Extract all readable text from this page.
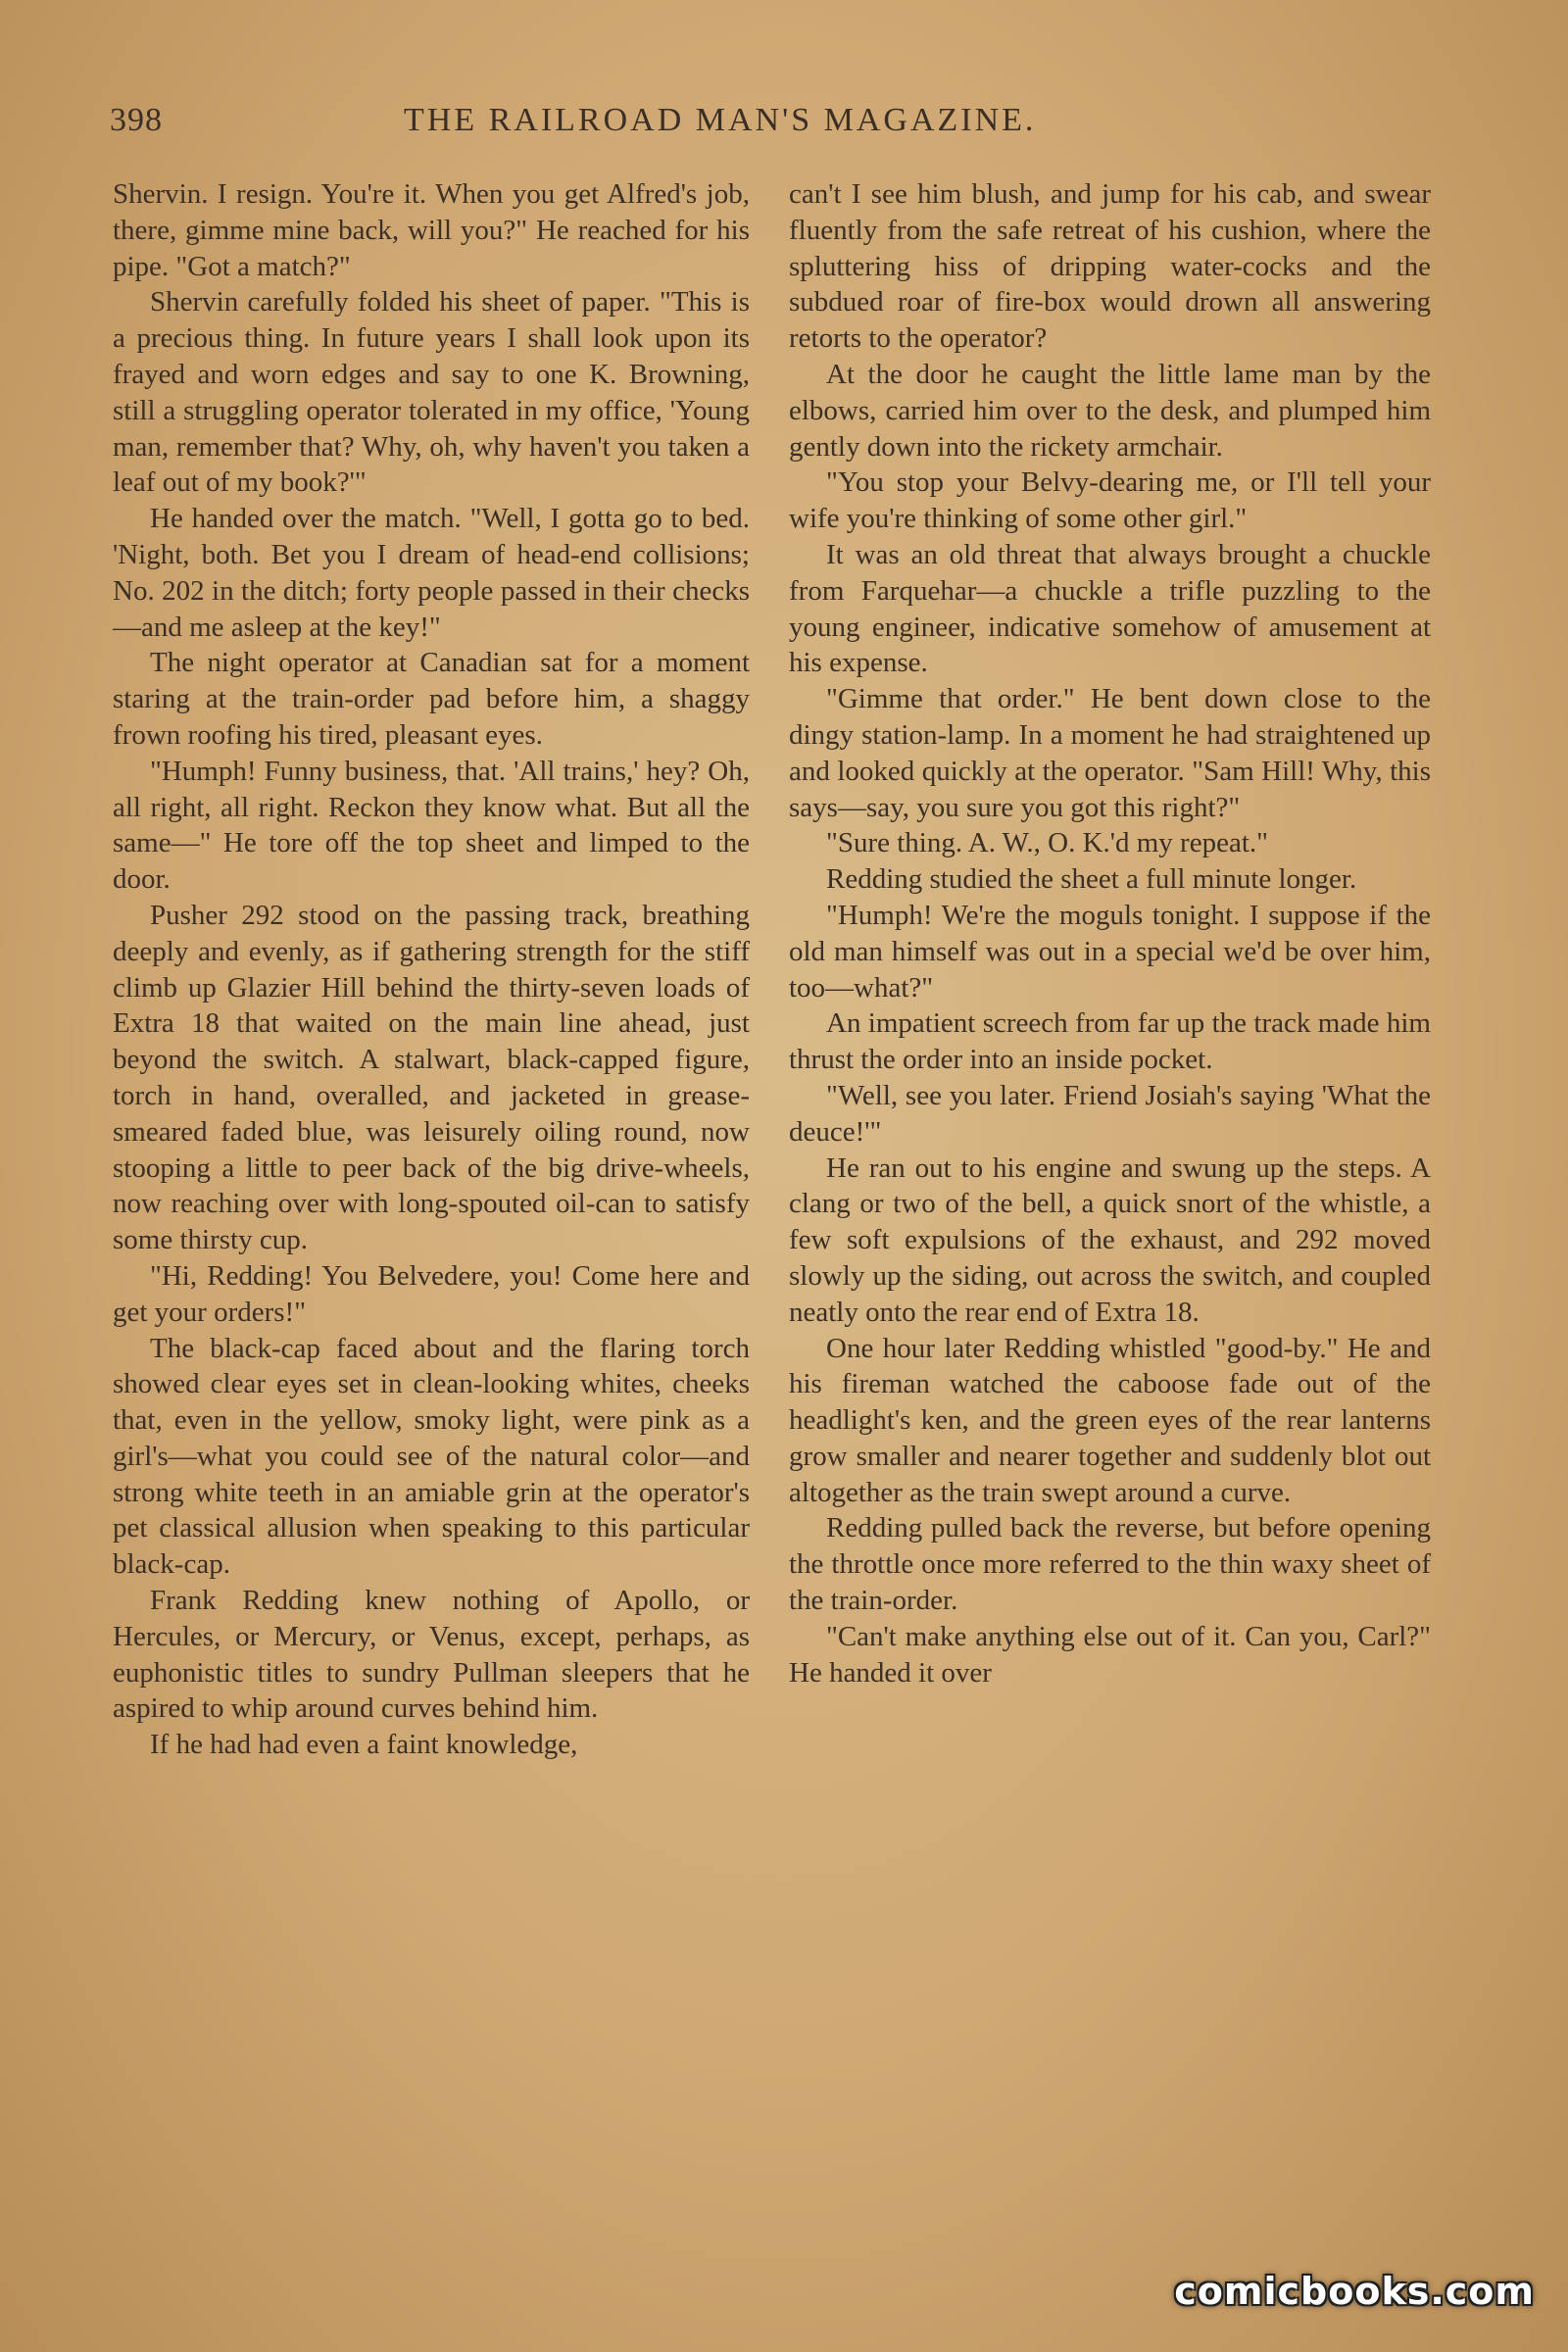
398	THE RAILROAD MAN'S MAGAZINE.

Shervin. I resign. You're it. When you get Alfred's job, there, gimme mine back, will you?" He reached for his pipe. "Got a match?"

Shervin carefully folded his sheet of paper. "This is a precious thing. In future years I shall look upon its frayed and worn edges and say to one K. Browning, still a struggling operator tolerated in my office, 'Young man, remember that? Why, oh, why haven't you taken a leaf out of my book?'"

He handed over the match. "Well, I gotta go to bed. 'Night, both. Bet you I dream of head-end collisions; No. 202 in the ditch; forty people passed in their checks—and me asleep at the key!"

The night operator at Canadian sat for a moment staring at the train-order pad before him, a shaggy frown roofing his tired, pleasant eyes.

"Humph! Funny business, that. 'All trains,' hey? Oh, all right, all right. Reckon they know what. But all the same—" He tore off the top sheet and limped to the door.

Pusher 292 stood on the passing track, breathing deeply and evenly, as if gathering strength for the stiff climb up Glazier Hill behind the thirty-seven loads of Extra 18 that waited on the main line ahead, just beyond the switch. A stalwart, black-capped figure, torch in hand, overalled, and jacketed in grease-smeared faded blue, was leisurely oiling round, now stooping a little to peer back of the big drive-wheels, now reaching over with long-spouted oil-can to satisfy some thirsty cup.

"Hi, Redding! You Belvedere, you! Come here and get your orders!"

The black-cap faced about and the flaring torch showed clear eyes set in clean-looking whites, cheeks that, even in the yellow, smoky light, were pink as a girl's—what you could see of the natural color—and strong white teeth in an amiable grin at the operator's pet classical allusion when speaking to this particular black-cap.

Frank Redding knew nothing of Apollo, or Hercules, or Mercury, or Venus, except, perhaps, as euphonistic titles to sundry Pullman sleepers that he aspired to whip around curves behind him.

If he had had even a faint knowledge,

can't I see him blush, and jump for his cab, and swear fluently from the safe retreat of his cushion, where the spluttering hiss of dripping water-cocks and the subdued roar of fire-box would drown all answering retorts to the operator?

At the door he caught the little lame man by the elbows, carried him over to the desk, and plumped him gently down into the rickety armchair.

"You stop your Belvy-dearing me, or I'll tell your wife you're thinking of some other girl."

It was an old threat that always brought a chuckle from Farquehar—a chuckle a trifle puzzling to the young engineer, indicative somehow of amusement at his expense.

"Gimme that order." He bent down close to the dingy station-lamp. In a moment he had straightened up and looked quickly at the operator. "Sam Hill! Why, this says—say, you sure you got this right?"

"Sure thing. A. W., O. K.'d my repeat."

Redding studied the sheet a full minute longer.

"Humph! We're the moguls tonight. I suppose if the old man himself was out in a special we'd be over him, too—what?"

An impatient screech from far up the track made him thrust the order into an inside pocket.

"Well, see you later. Friend Josiah's saying 'What the deuce!'"

He ran out to his engine and swung up the steps. A clang or two of the bell, a quick snort of the whistle, a few soft expulsions of the exhaust, and 292 moved slowly up the siding, out across the switch, and coupled neatly onto the rear end of Extra 18.

One hour later Redding whistled "good-by." He and his fireman watched the caboose fade out of the headlight's ken, and the green eyes of the rear lanterns grow smaller and nearer together and suddenly blot out altogether as the train swept around a curve.

Redding pulled back the reverse, but before opening the throttle once more referred to the thin waxy sheet of the train-order.

"Can't make anything else out of it. Can you, Carl?" He handed it over

comicbooks.com
